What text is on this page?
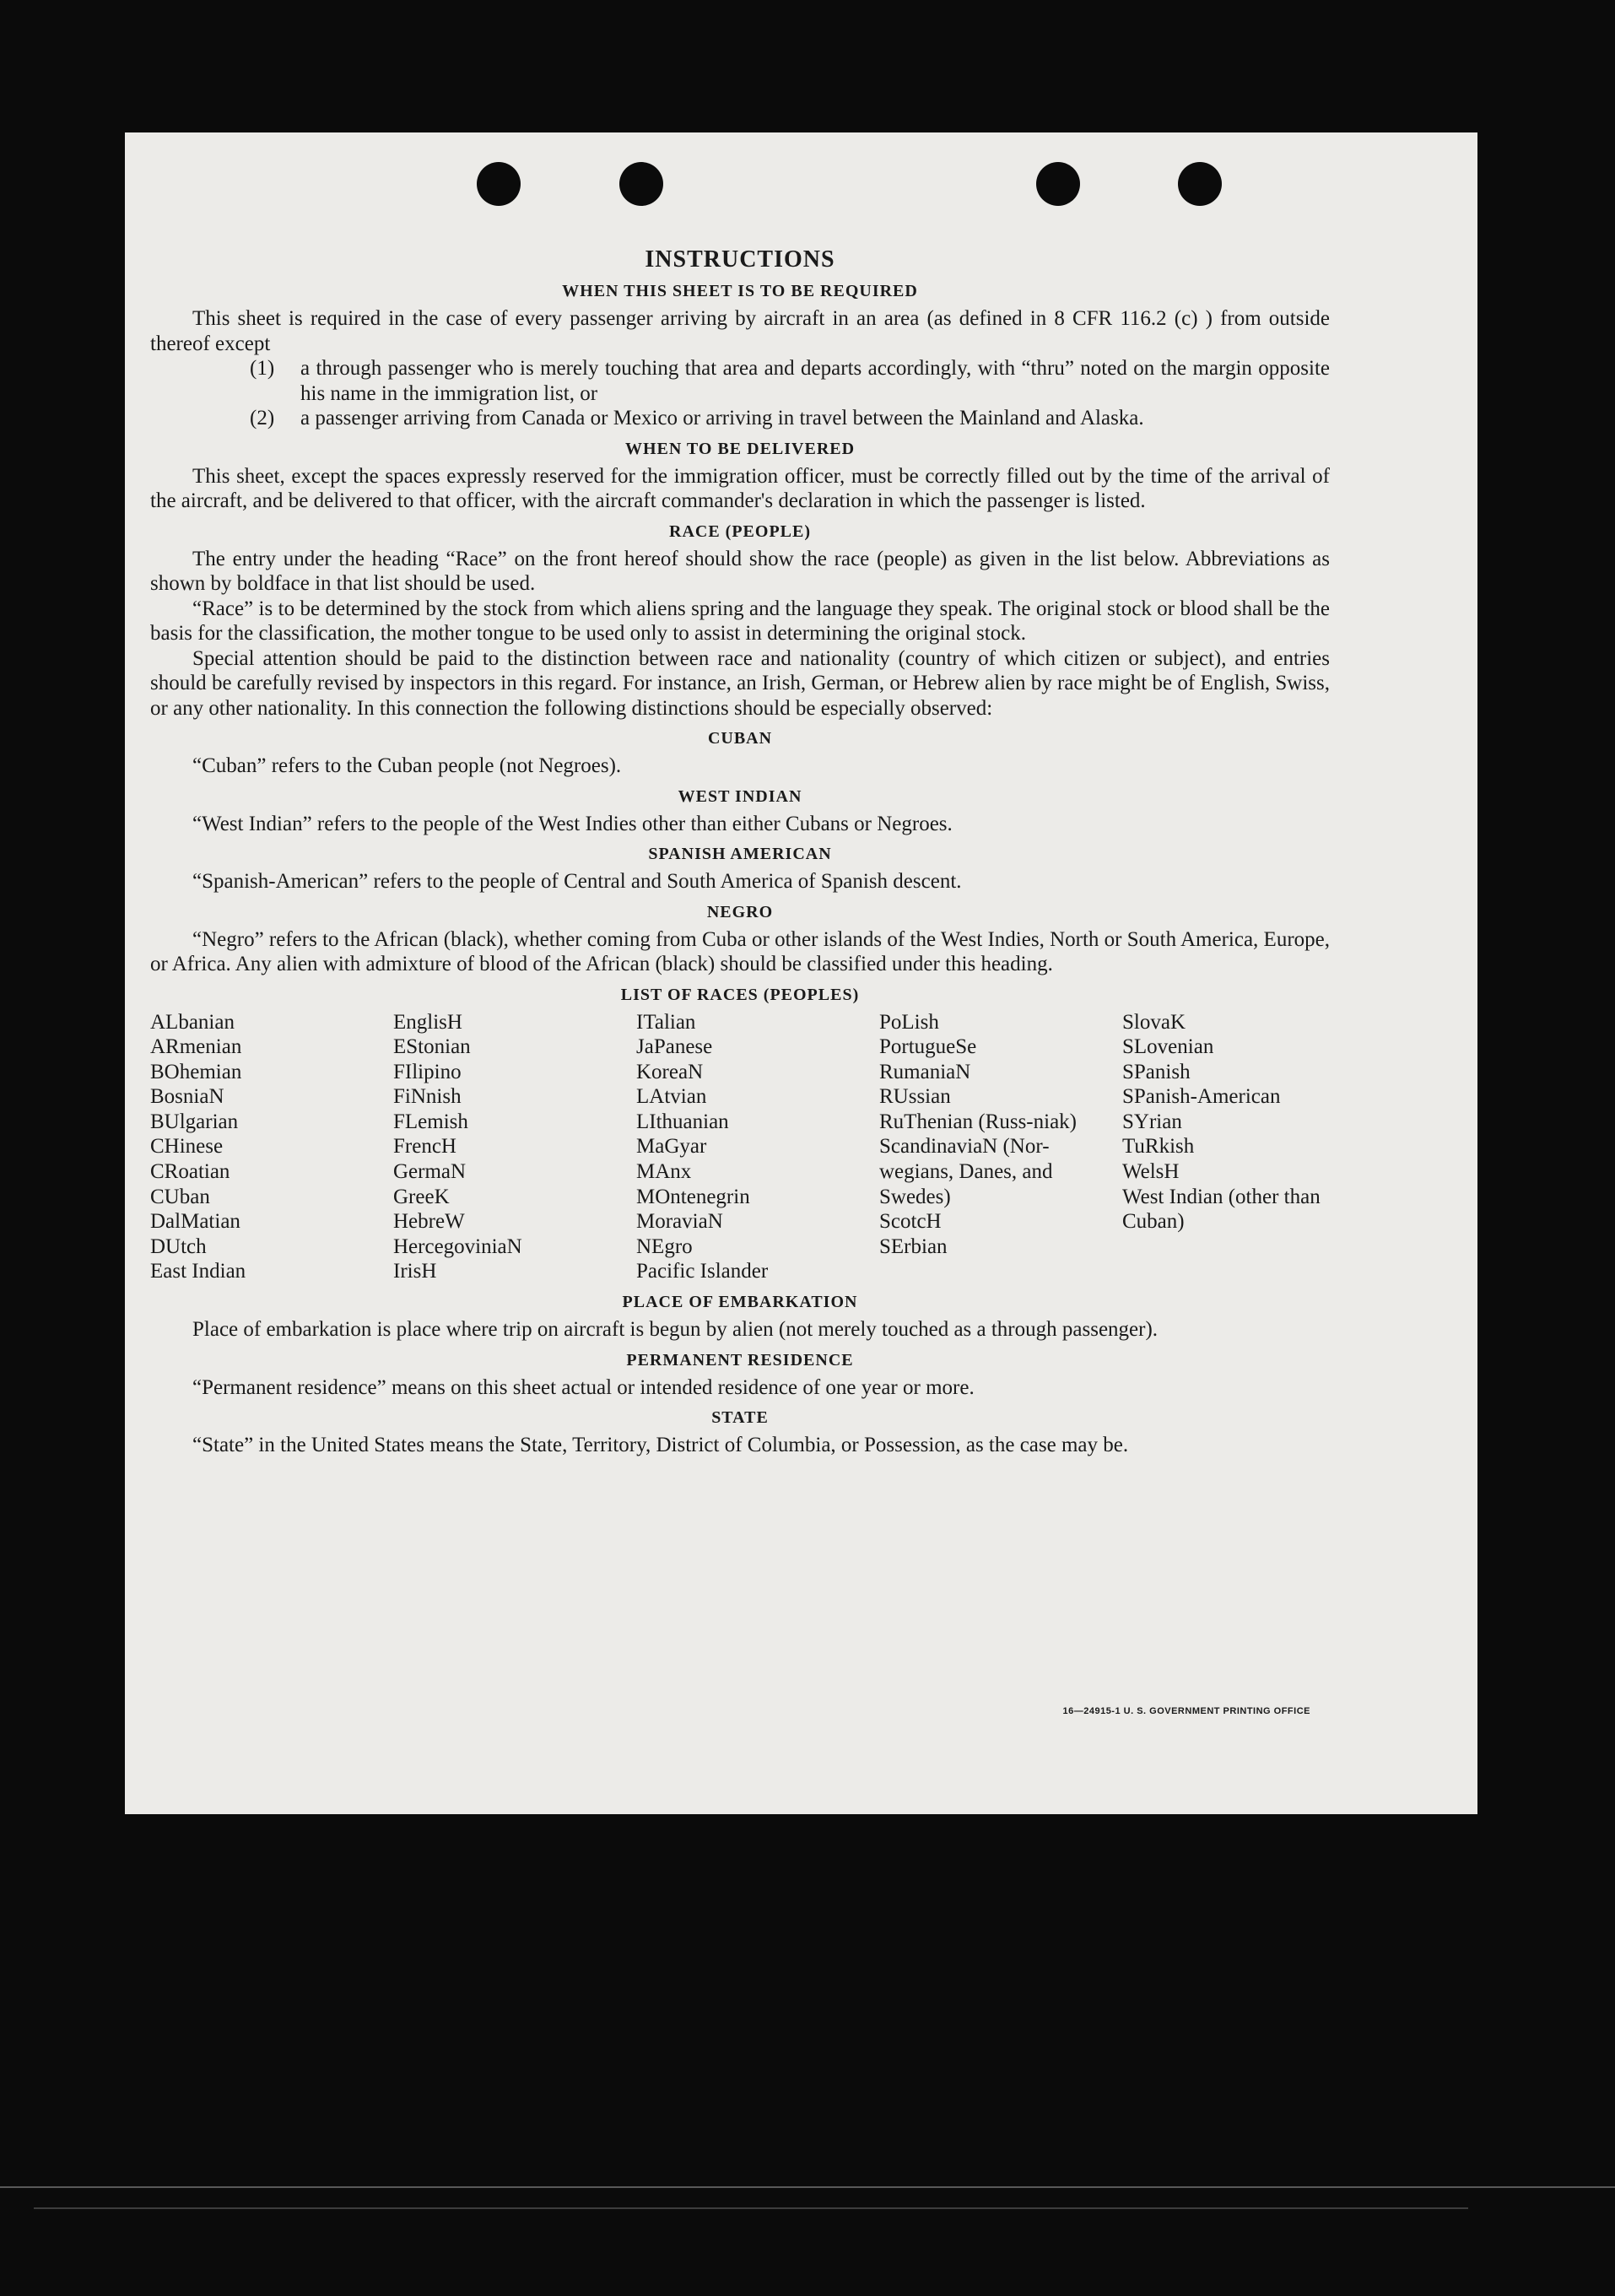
INSTRUCTIONS
WHEN THIS SHEET IS TO BE REQUIRED

This sheet is required in the case of every passenger arriving by aircraft in an area (as defined in 8 CFR 116.2 (c) ) from outside thereof except

(1)	a through passenger who is merely touching that area and departs accordingly, with “thru” noted on the margin opposite his name in the immigration list, or
(2)	a passenger arriving from Canada or Mexico or arriving in travel between the Mainland and Alaska.
WHEN TO BE DELIVERED

This sheet, except the spaces expressly reserved for the immigration officer, must be correctly filled out by the time of the arrival of the aircraft, and be delivered to that officer, with the aircraft commander's declaration in which the passenger is listed.

RACE (PEOPLE)

The entry under the heading “Race” on the front hereof should show the race (people) as given in the list below. Abbreviations as shown by boldface in that list should be used.

“Race” is to be determined by the stock from which aliens spring and the language they speak. The original stock or blood shall be the basis for the classification, the mother tongue to be used only to assist in determining the original stock.

Special attention should be paid to the distinction between race and nationality (country of which citizen or subject), and entries should be carefully revised by inspectors in this regard. For instance, an Irish, German, or Hebrew alien by race might be of English, Swiss, or any other nationality. In this connection the following distinctions should be especially observed:

CUBAN

“Cuban” refers to the Cuban people (not Negroes).

WEST INDIAN

“West Indian” refers to the people of the West Indies other than either Cubans or Negroes.

SPANISH AMERICAN

“Spanish-American” refers to the people of Central and South America of Spanish descent.

NEGRO

“Negro” refers to the African (black), whether coming from Cuba or other islands of the West Indies, North or South America, Europe, or Africa. Any alien with admixture of blood of the African (black) should be classified under this heading.

LIST OF RACES (PEOPLES)
ALbanian
ARmenian
BOhemian
BosniaN
BUlgarian
CHinese
CRoatian
CUban
DalMatian
DUtch
East Indian
EnglisH
EStonian
FIlipino
FiNnish
FLemish
FrencH
GermaN
GreeK
HebreW
HercegoviniaN
IrisH
ITalian
JaPanese
KoreaN
LAtvian
LIthuanian
MaGyar
MAnx
MOntenegrin
MoraviaN
NEgro
Pacific Islander
PoLish
PortugueSe
RumaniaN
RUssian
RuThenian (Russ-niak)
ScandinaviaN (Nor-wegians, Danes, and Swedes)
ScotcH
SErbian
SlovaK
SLovenian
SPanish
SPanish-American
SYrian
TuRkish
WelsH
West Indian (other than Cuban)
PLACE OF EMBARKATION

Place of embarkation is place where trip on aircraft is begun by alien (not merely touched as a through passenger).

PERMANENT RESIDENCE

“Permanent residence” means on this sheet actual or intended residence of one year or more.

STATE

“State” in the United States means the State, Territory, District of Columbia, or Possession, as the case may be.

16—24915-1 U. S. GOVERNMENT PRINTING OFFICE
